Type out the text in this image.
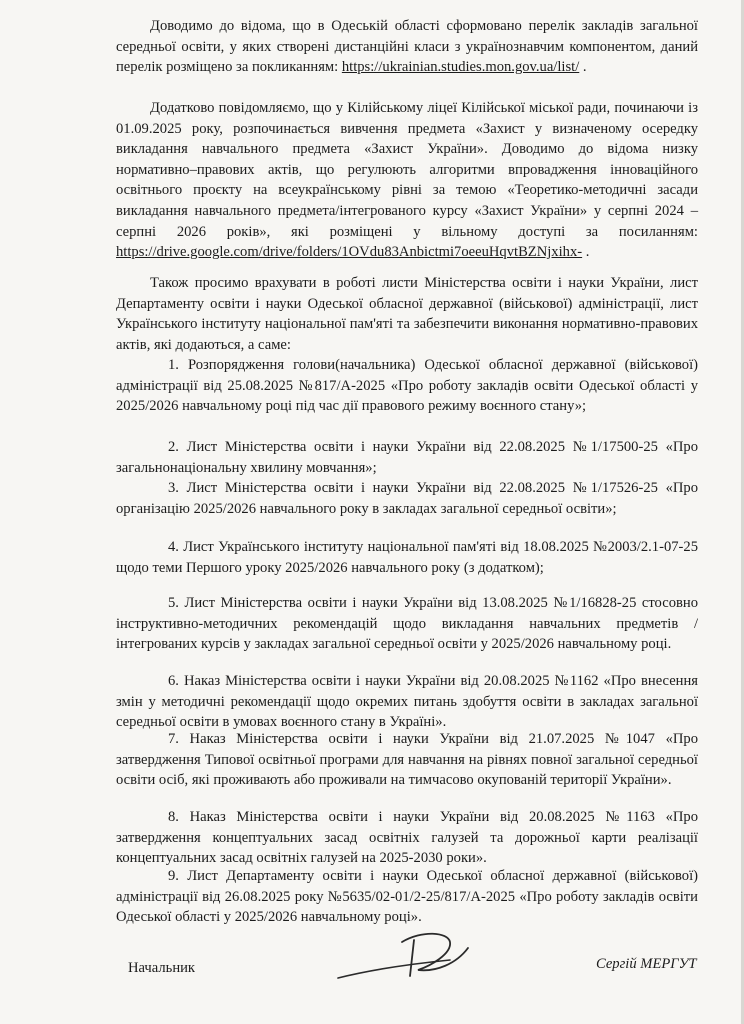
Доводимо до відома, що в Одеській області сформовано перелік закладів загальної середньої освіти, у яких створені дистанційні класи з українознавчим компонентом, даний перелік розміщено за покликанням: https://ukrainian.studies.mon.gov.ua/list/ .

Додатково повідомляємо, що у Кілійському ліцеї Кілійської міської ради, починаючи із 01.09.2025 року, розпочинається вивчення предмета «Захист у визначеному осередку викладання навчального предмета «Захист України». Доводимо до відома низку нормативно–правових актів, що регулюють алгоритми впровадження інноваційного освітнього проєкту на всеукраїнському рівні за темою «Теоретико-методичні засади викладання навчального предмета/інтегрованого курсу «Захист України» у серпні 2024 – серпні 2026 років», які розміщені у вільному доступі за посиланням: https://drive.google.com/drive/folders/1OVdu83Anbictmi7oeeuHqvtBZNjxihx- .

Також просимо врахувати в роботі листи Міністерства освіти і науки України, лист Департаменту освіти і науки Одеської обласної державної (військової) адміністрації, лист Українського інституту національної пам'яті та забезпечити виконання нормативно-правових актів, які додаються, а саме:

1. Розпорядження голови(начальника) Одеської обласної державної (військової) адміністрації від 25.08.2025 №817/А-2025 «Про роботу закладів освіти Одеської області у 2025/2026 навчальному році під час дії правового режиму воєнного стану»;

2. Лист Міністерства освіти і науки України від 22.08.2025 №1/17500-25 «Про загальнонаціональну хвилину мовчання»;

3. Лист Міністерства освіти і науки України від 22.08.2025 №1/17526-25 «Про організацію 2025/2026 навчального року в закладах загальної середньої освіти»;

4. Лист Українського інституту національної пам'яті від 18.08.2025 №2003/2.1-07-25 щодо теми Першого уроку 2025/2026 навчального року (з додатком);

5. Лист Міністерства освіти і науки України від 13.08.2025 №1/16828-25 стосовно інструктивно-методичних рекомендацій щодо викладання навчальних предметів /інтегрованих курсів у закладах загальної середньої освіти у 2025/2026 навчальному році.

6. Наказ Міністерства освіти і науки України від 20.08.2025 №1162 «Про внесення змін у методичні рекомендації щодо окремих питань здобуття освіти в закладах загальної середньої освіти в умовах воєнного стану в Україні».

7. Наказ Міністерства освіти і науки України від 21.07.2025 №1047 «Про затвердження Типової освітньої програми для навчання на рівнях повної загальної середньої освіти осіб, які проживають або проживали на тимчасово окупованій території України».

8. Наказ Міністерства освіти і науки України від 20.08.2025 №1163 «Про затвердження концептуальних засад освітніх галузей та дорожньої карти реалізації концептуальних засад освітніх галузей на 2025-2030 роки».

9. Лист Департаменту освіти і науки Одеської обласної державної (військової) адміністрації від 26.08.2025 року №5635/02-01/2-25/817/А-2025 «Про роботу закладів освіти Одеської області у 2025/2026 навчальному році».

Начальник	Сергій МЕРГУТ
